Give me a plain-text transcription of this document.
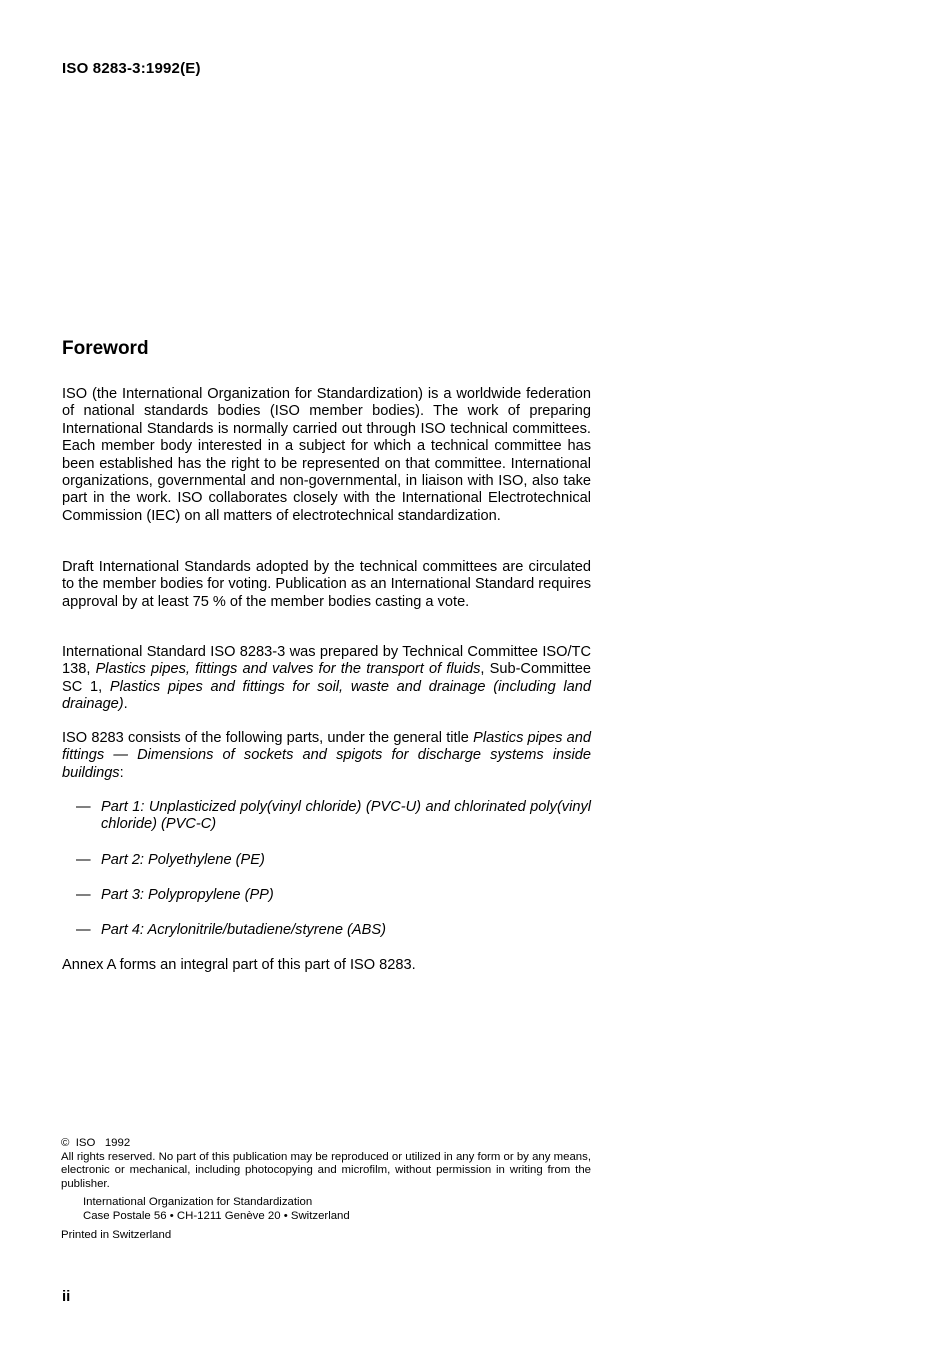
ISO 8283-3:1992(E)
Foreword

ISO (the International Organization for Standardization) is a worldwide federation of national standards bodies (ISO member bodies). The work of preparing International Standards is normally carried out through ISO technical committees. Each member body interested in a subject for which a technical committee has been established has the right to be represented on that committee. International organizations, governmental and non-governmental, in liaison with ISO, also take part in the work. ISO collaborates closely with the International Electrotechnical Commission (IEC) on all matters of electrotechnical standardization.

Draft International Standards adopted by the technical committees are circulated to the member bodies for voting. Publication as an International Standard requires approval by at least 75 % of the member bodies casting a vote.

International Standard ISO 8283-3 was prepared by Technical Committee ISO/TC 138, Plastics pipes, fittings and valves for the transport of fluids, Sub-Committee SC 1, Plastics pipes and fittings for soil, waste and drainage (including land drainage).

ISO 8283 consists of the following parts, under the general title Plastics pipes and fittings — Dimensions of sockets and spigots for discharge systems inside buildings:

— Part 1: Unplasticized poly(vinyl chloride) (PVC-U) and chlorinated poly(vinyl chloride) (PVC-C)
— Part 2: Polyethylene (PE)
— Part 3: Polypropylene (PP)
— Part 4: Acrylonitrile/butadiene/styrene (ABS)

Annex A forms an integral part of this part of ISO 8283.

©  ISO   1992

All rights reserved. No part of this publication may be reproduced or utilized in any form or by any means, electronic or mechanical, including photocopying and microfilm, without permission in writing from the publisher.

International Organization for Standardization
Case Postale 56 • CH-1211 Genève 20 • Switzerland
Printed in Switzerland
ii
